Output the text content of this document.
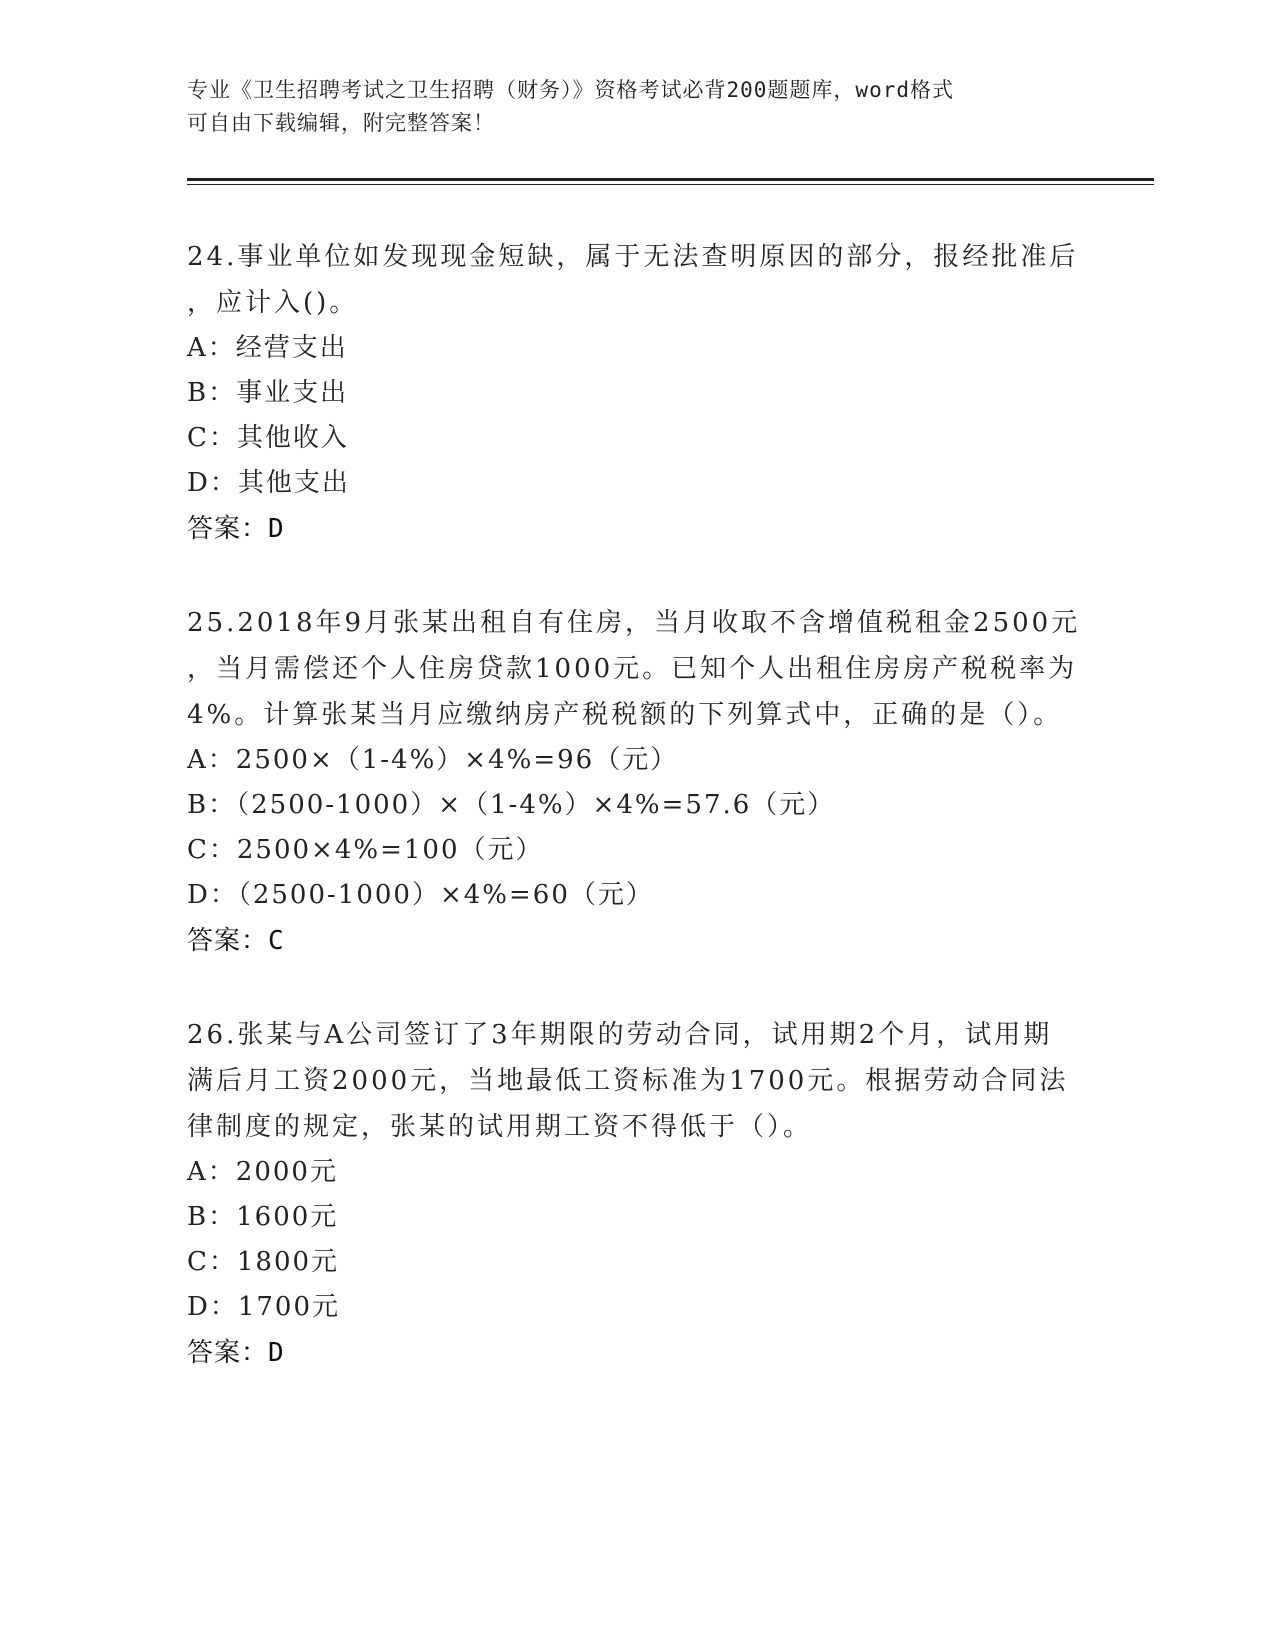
专业《卫生招聘考试之卫生招聘（财务）》资格考试必背200题题库，word格式
可自由下载编辑，附完整答案！
24.事业单位如发现现金短缺，属于无法查明原因的部分，报经批准后
，应计入()。
A：经营支出
B：事业支出
C：其他收入
D：其他支出
答案：D
25.2018年9月张某出租自有住房，当月收取不含增值税租金2500元
，当月需偿还个人住房贷款1000元。已知个人出租住房房产税税率为
4%。计算张某当月应缴纳房产税税额的下列算式中，正确的是（）。
A：2500×（1-4%）×4%=96（元）
B：（2500-1000）×（1-4%）×4%=57.6（元）
C：2500×4%=100（元）
D：（2500-1000）×4%=60（元）
答案：C
26.张某与A公司签订了3年期限的劳动合同，试用期2个月，试用期
满后月工资2000元，当地最低工资标准为1700元。根据劳动合同法
律制度的规定，张某的试用期工资不得低于（）。
A：2000元
B：1600元
C：1800元
D：1700元
答案：D
